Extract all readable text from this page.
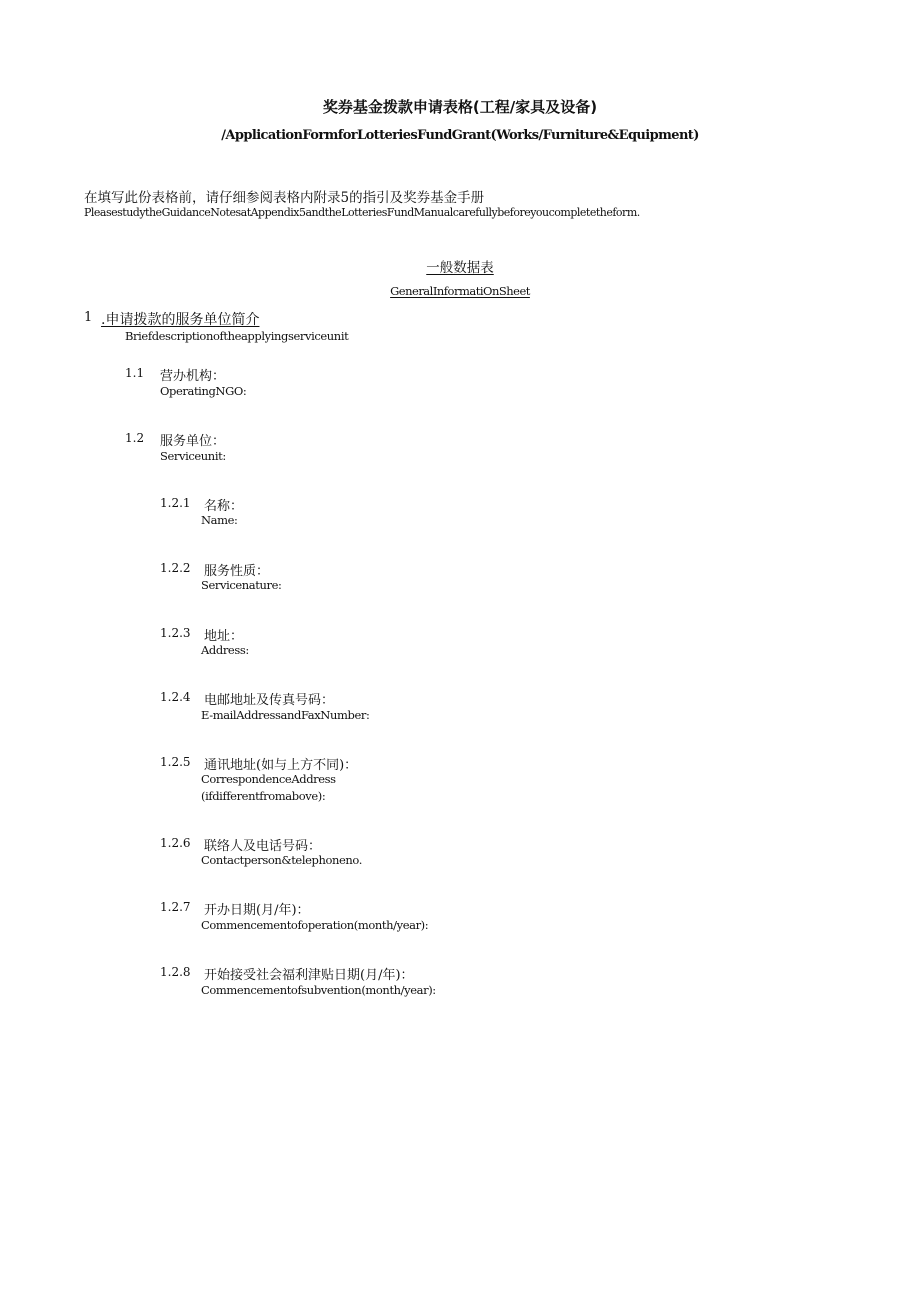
奖券基金拨款申请表格(工程/家具及设备)
/ApplicationFormforLotteriesFundGrant(Works/Furniture&Equipment)
在填写此份表格前，请仔细参阅表格内附录5的指引及奖券基金手册
PleasestudytheGuidanceNotesatAppendix5andtheLotteriesFundManualcarefullybeforeyoucompletetheform.
一般数据表
GeneralInformatiOnSheet
1 .申请拨款的服务单位简介
Briefdescriptionoftheapplyingserviceunit
1.1 营办机构：
OperatingNGO:
1.2 服务单位：
Serviceunit:
1.2.1 名称：
Name:
1.2.2 服务性质：
Servicenature:
1.2.3 地址：
Address:
1.2.4 电邮地址及传真号码：
E-mailAddressandFaxNumber:
1.2.5 通讯地址(如与上方不同)：
CorrespondenceAddress
(ifdifferentfromabove):
1.2.6 联络人及电话号码：
Contactperson&telephoneno.
1.2.7 开办日期(月/年)：
Commencementofoperation(month/year):
1.2.8 开始接受社会福利津贴日期(月/年)：
Commencementofsubvention(month/year):
